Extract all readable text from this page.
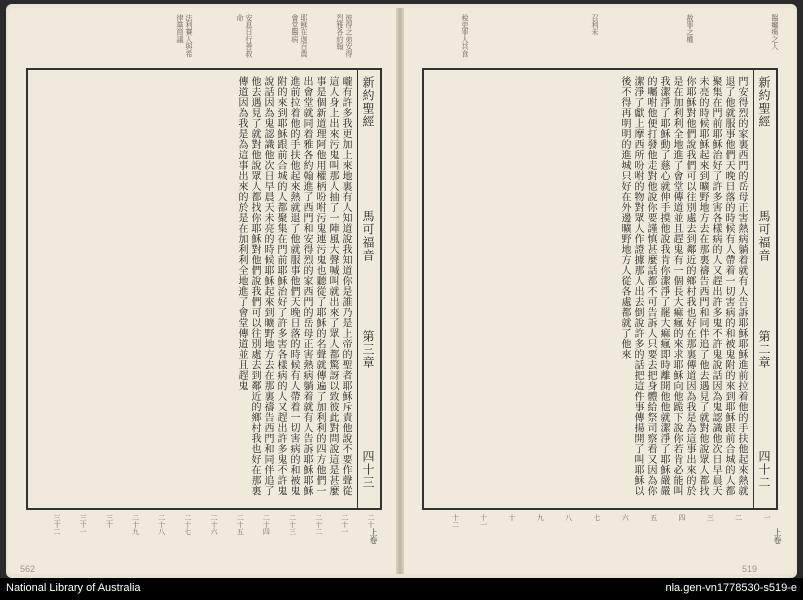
彼得之弟安得烈雅各約翰
耶穌在迦百農會堂醫病
安息日行善救命
法利賽人與希律黨商議
新約聖經
馬可福音
第三章
四十三
嚨有許多我更加上來地裏有人知道說我知道你是誰乃是上帝的聖者耶穌斥責他說不要作聲從這人身上出來污鬼叫那人抽了一陣風大聲喊叫就出來了眾人都驚訝以致彼此對問說這是甚麼事是個新道理阿他用權柄吩咐污鬼連污鬼也聽從了耶穌的名聲就傳遍了加利利的四方他們一出會堂就同着雅各約翰進了西門和安得烈的家西門的岳母正害熱病躺着就有人告訴耶穌耶穌進前拉着他的手扶他起來熱就退了他就服事他們天晚日落的時候有人帶着一切害病的和被鬼附的來到耶穌跟前合城的人都聚集在門前耶穌治好了許多害各樣病的人又趕出許多鬼不許鬼說話因為鬼認識他次日早晨天未亮的時候耶穌起來到曠野地方去在那裏禱告西門和同伴追了他去遇見了就對他說眾人都找你耶穌對他們說我們可以往別處去到鄰近的鄉村我也好在那裏傳道因為我是為這事出來的於是在加利利全地進了會堂傳道並且趕鬼
二十
二十一
二十二
二十三
二十四
二十五
二十六
二十七
二十八
二十九
三十
三十一
三十二
上卷
562
醫癱瘓之人
赦罪之權
召利未
稅吏罪人共食
新約聖經
馬可福音
第二章
四十二
門安得烈的家裏西門的岳母正害熱病躺着就有人告訴耶穌耶穌進前拉着他的手扶他起來熱就退了他就服事他們天晚日落的時候有人帶着一切害病的和被鬼附的來到耶穌跟前合城的人都聚集在門前耶穌治好了許多害各樣病的人又趕出許多鬼不許鬼說話因為鬼認識他次日早晨天未亮的時候耶穌起來到曠野地方去在那裏禱告西門和同伴追了他去遇見了就對他說眾人都找你耶穌對他們說我們可以往別處去到鄰近的鄉村我也好在那裏傳道因為我是為這事出來的於是在加利利全地進了會堂傳道並且趕鬼有一個長大痲瘋的來求耶穌向他跪下說你若肯必能叫我潔淨了耶穌動了慈心就伸手摸他說我肯你潔淨了罷大痲瘋即時離開他他就潔淨了耶穌嚴嚴的囑咐他便打發他走對他說你要謹慎甚麼話都不可告訴人只要去把身體給祭司察看又因為你潔淨了獻上摩西所吩咐的物對眾人作證據那人出去倒說許多的話把這件事傳揚開了叫耶穌以後不得再明明的進城只好在外邊曠野地方人從各處都就了他來
一
二
三
四
五
六
七
八
九
十
十一
十二
上卷
519
National Library of Australia	nla.gen-vn1778530-s519-e
